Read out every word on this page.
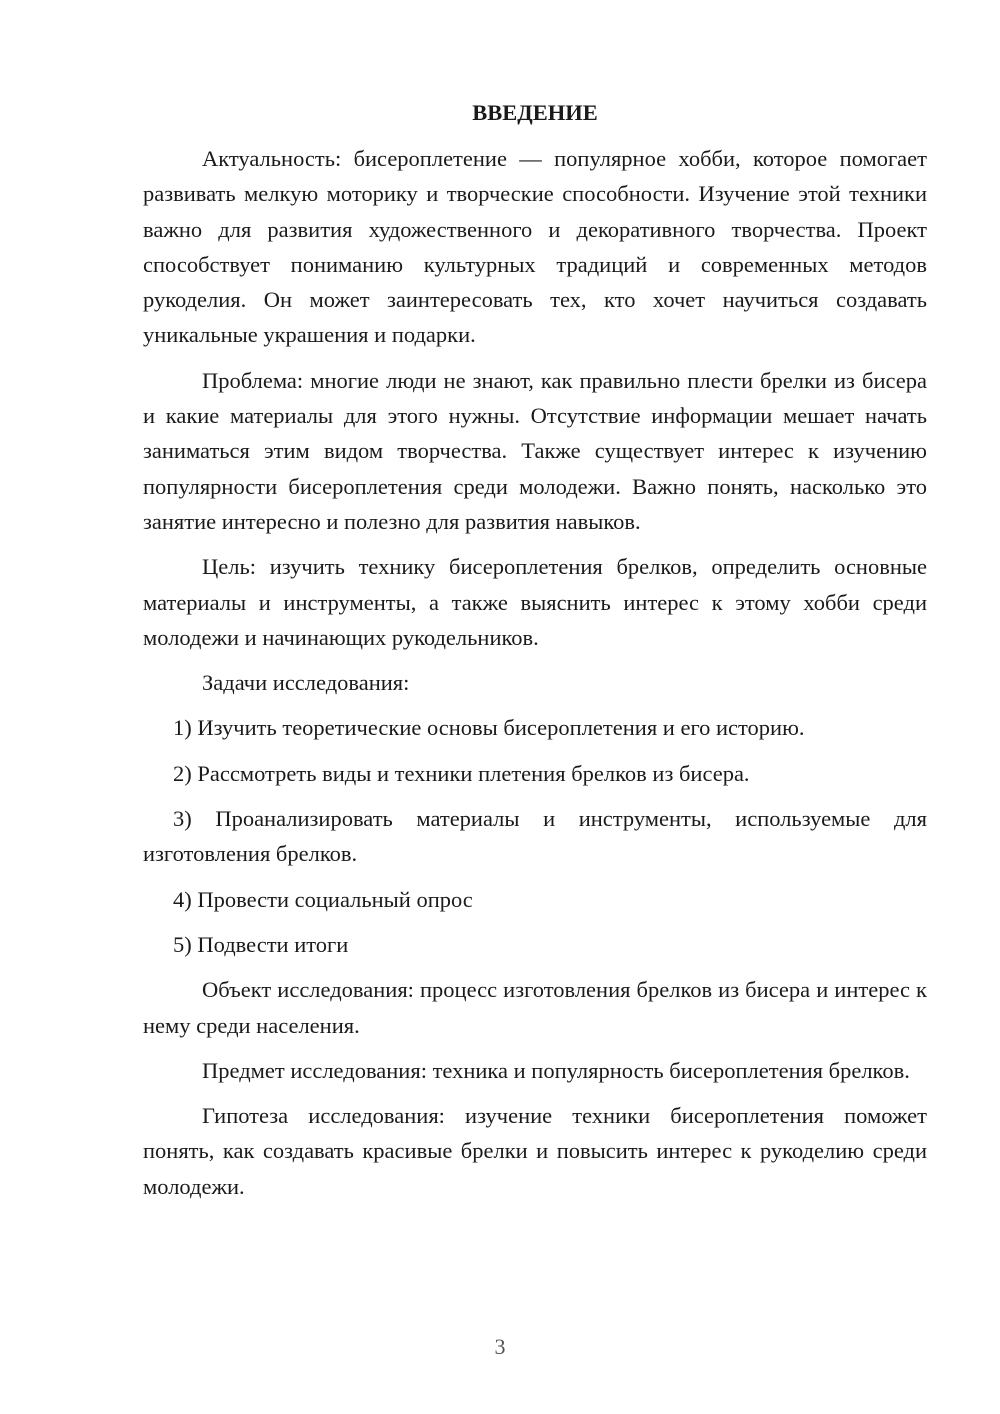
ВВЕДЕНИЕ

Актуальность: бисероплетение — популярное хобби, которое помогает развивать мелкую моторику и творческие способности. Изучение этой техники важно для развития художественного и декоративного творчества. Проект способствует пониманию культурных традиций и современных методов рукоделия. Он может заинтересовать тех, кто хочет научиться создавать уникальные украшения и подарки.

Проблема: многие люди не знают, как правильно плести брелки из бисера и какие материалы для этого нужны. Отсутствие информации мешает начать заниматься этим видом творчества. Также существует интерес к изучению популярности бисероплетения среди молодежи. Важно понять, насколько это занятие интересно и полезно для развития навыков.

Цель: изучить технику бисероплетения брелков, определить основные материалы и инструменты, а также выяснить интерес к этому хобби среди молодежи и начинающих рукодельников.

Задачи исследования:

1) Изучить теоретические основы бисероплетения и его историю.

2) Рассмотреть виды и техники плетения брелков из бисера.

3) Проанализировать материалы и инструменты, используемые для изготовления брелков.

4) Провести социальный опрос

5) Подвести итоги

Объект исследования: процесс изготовления брелков из бисера и интерес к нему среди населения.

Предмет исследования: техника и популярность бисероплетения брелков.

Гипотеза исследования: изучение техники бисероплетения поможет понять, как создавать красивые брелки и повысить интерес к рукоделию среди молодежи.

3
